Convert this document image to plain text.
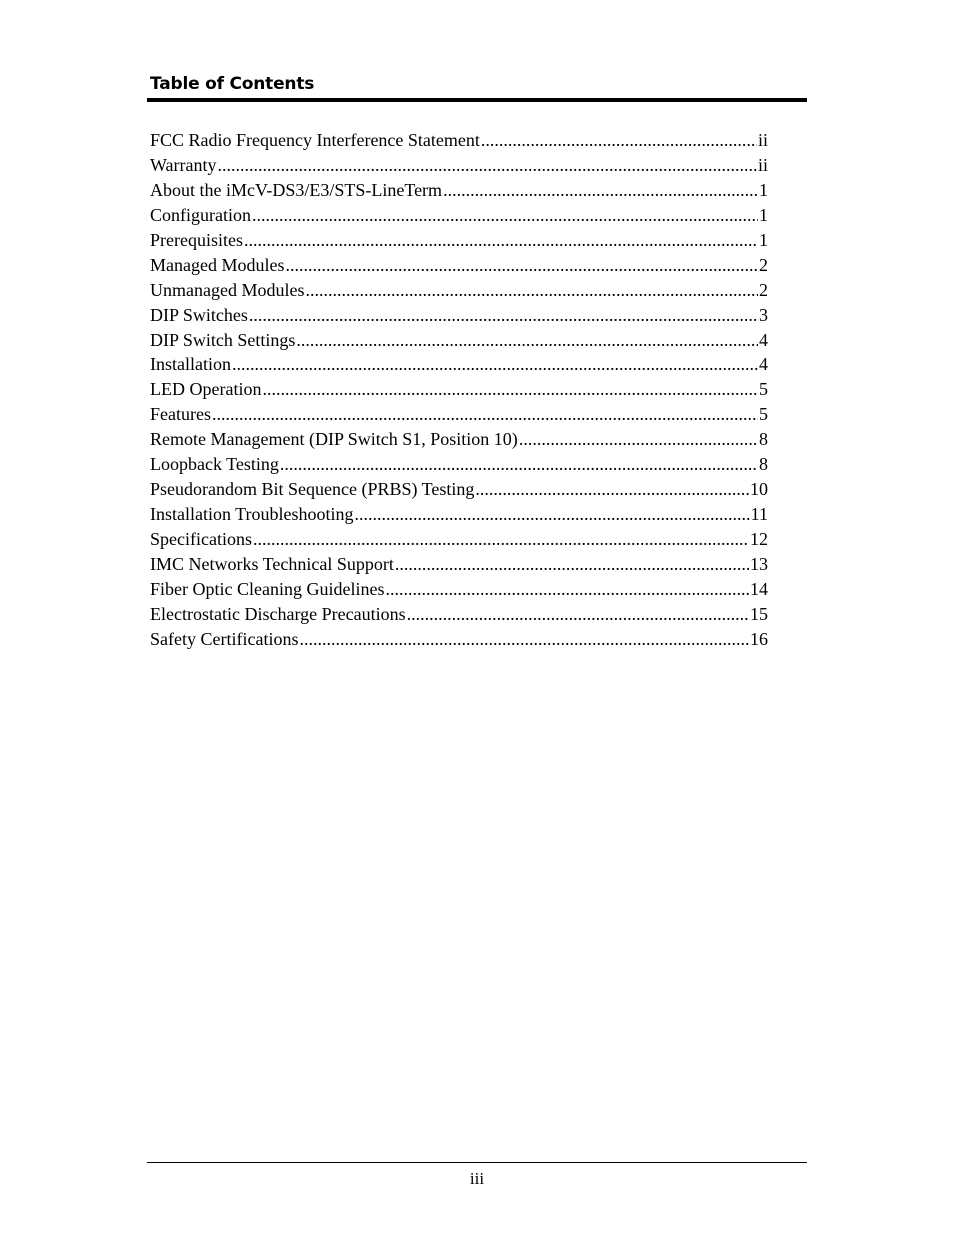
Table of Contents
FCC Radio Frequency Interference Statement .....	ii
Warranty .....	ii
About the iMcV-DS3/E3/STS-LineTerm .....	1
Configuration .....	1
Prerequisites .....	1
Managed Modules .....	2
Unmanaged Modules .....	2
DIP Switches .....	3
DIP Switch Settings .....	4
Installation .....	4
LED Operation .....	5
Features .....	5
Remote Management (DIP Switch S1, Position 10) .....	8
Loopback Testing .....	8
Pseudorandom Bit Sequence (PRBS) Testing .....	10
Installation Troubleshooting .....	11
Specifications .....	12
IMC Networks Technical Support .....	13
Fiber Optic Cleaning Guidelines .....	14
Electrostatic Discharge Precautions .....	15
Safety Certifications .....	16
iii
